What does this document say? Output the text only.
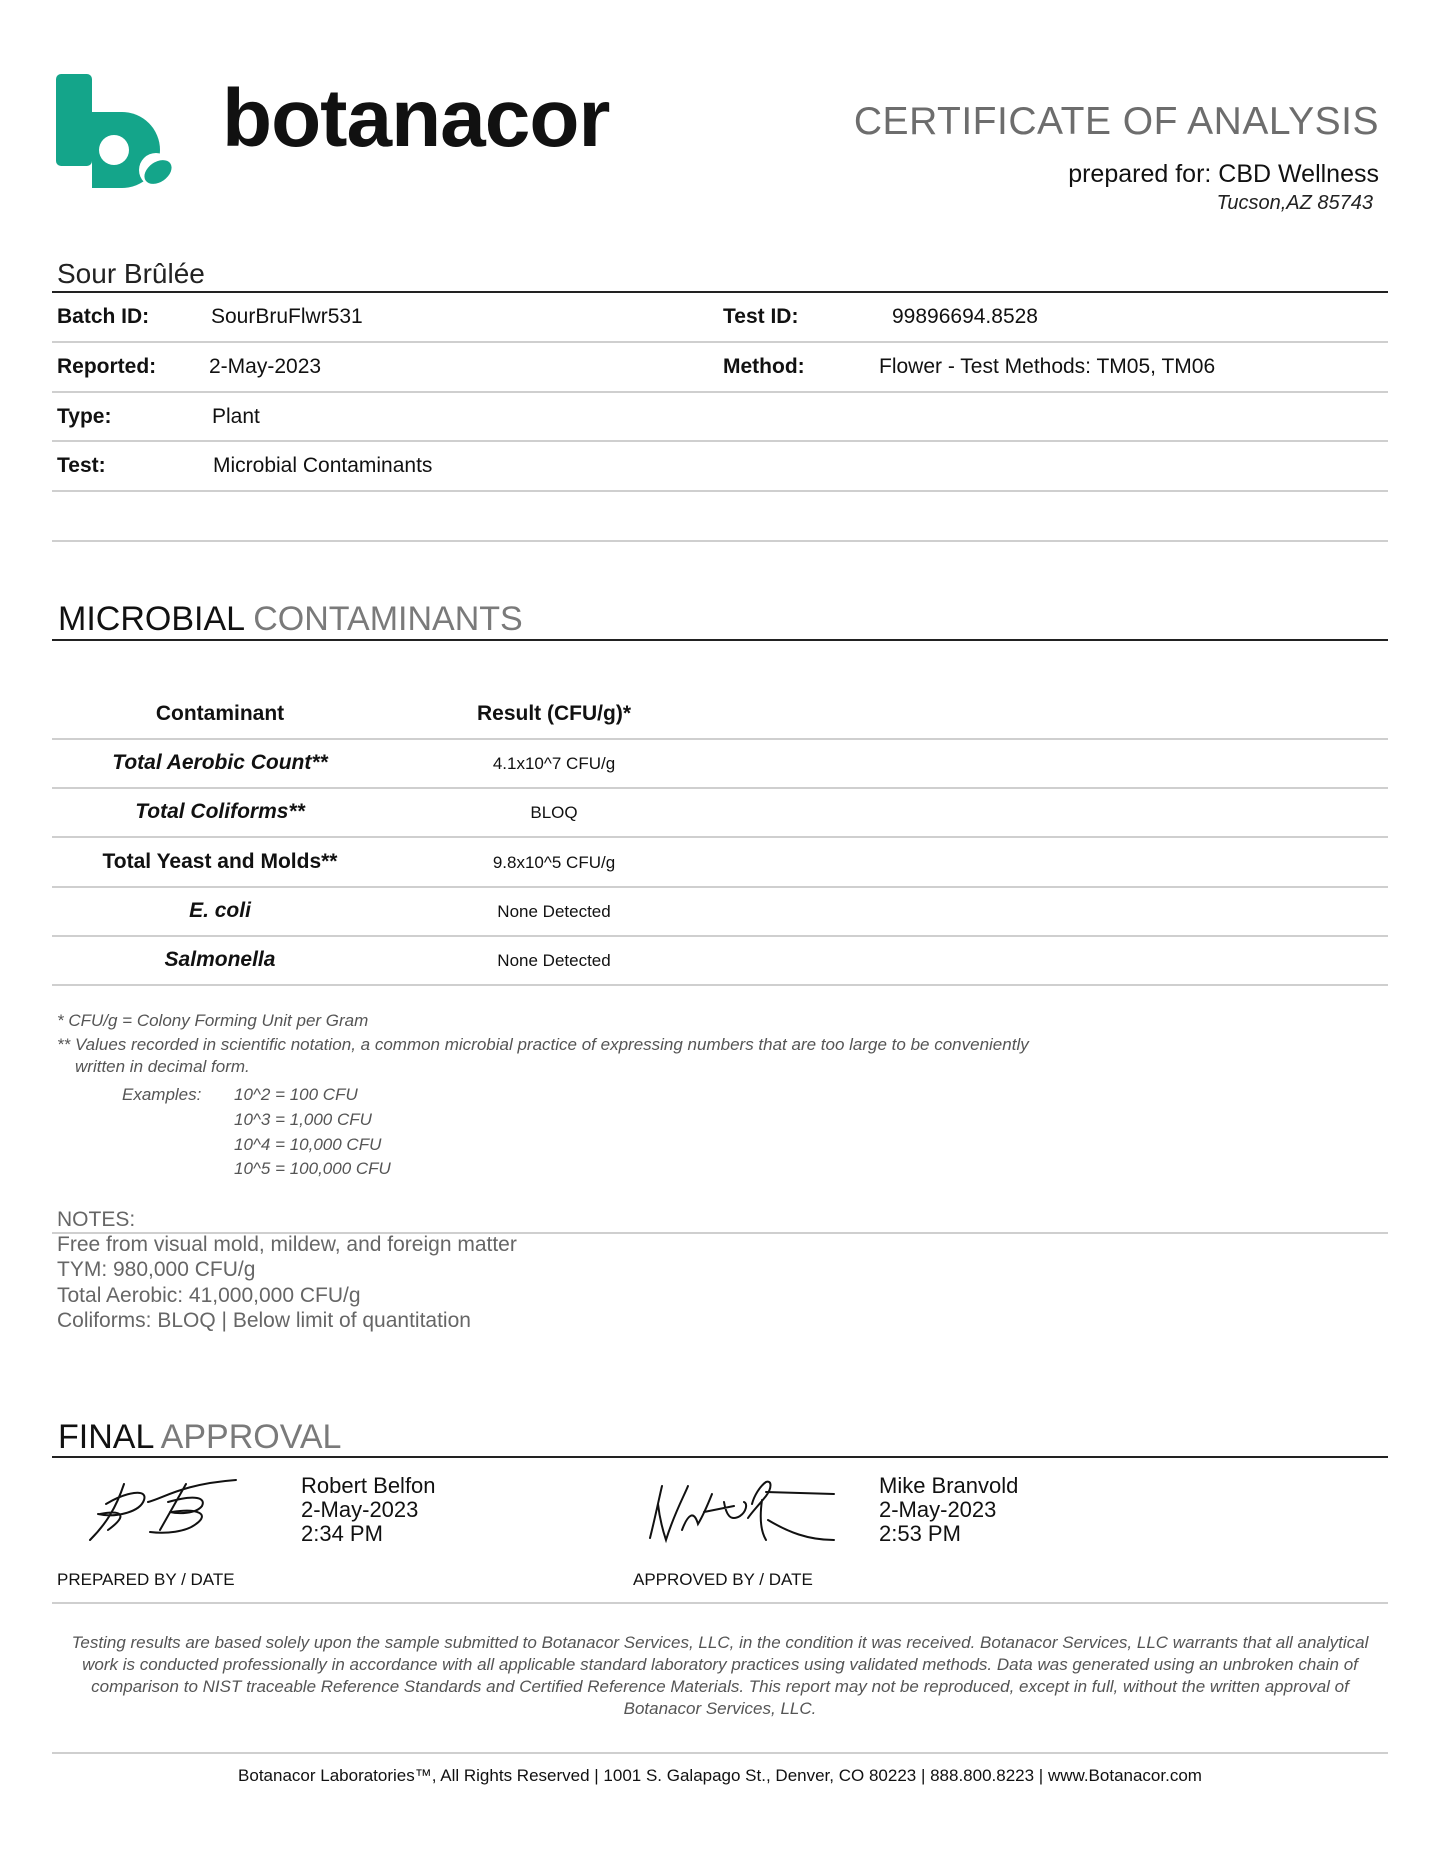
botanacor	CERTIFICATE OF ANALYSIS
prepared for: CBD Wellness
Tucson,AZ 85743
Sour Brûlée
Batch ID:	SourBruFlwr531	Test ID:	99896694.8528
Reported:	2-May-2023	Method:	Flower - Test Methods: TM05, TM06
Type:	Plant
Test:	Microbial Contaminants
MICROBIAL CONTAMINANTS
Contaminant	Result (CFU/g)*
Total Aerobic Count**	4.1x10^7 CFU/g
Total Coliforms**	BLOQ
Total Yeast and Molds**	9.8x10^5 CFU/g
E. coli	None Detected
Salmonella	None Detected
* CFU/g = Colony Forming Unit per Gram
** Values recorded in scientific notation, a common microbial practice of expressing numbers that are too large to be conveniently
written in decimal form.
Examples: 10^2 = 100 CFU
10^3 = 1,000 CFU
10^4 = 10,000 CFU
10^5 = 100,000 CFU
NOTES:
Free from visual mold, mildew, and foreign matter
TYM: 980,000 CFU/g
Total Aerobic: 41,000,000 CFU/g
Coliforms: BLOQ | Below limit of quantitation
FINAL APPROVAL
Robert Belfon
2-May-2023
2:34 PM
PREPARED BY / DATE
Mike Branvold
2-May-2023
2:53 PM
APPROVED BY / DATE
Testing results are based solely upon the sample submitted to Botanacor Services, LLC, in the condition it was received. Botanacor Services, LLC warrants that all analytical work is conducted professionally in accordance with all applicable standard laboratory practices using validated methods. Data was generated using an unbroken chain of comparison to NIST traceable Reference Standards and Certified Reference Materials. This report may not be reproduced, except in full, without the written approval of Botanacor Services, LLC.
Botanacor Laboratories™, All Rights Reserved | 1001 S. Galapago St., Denver, CO 80223 | 888.800.8223 | www.Botanacor.com
